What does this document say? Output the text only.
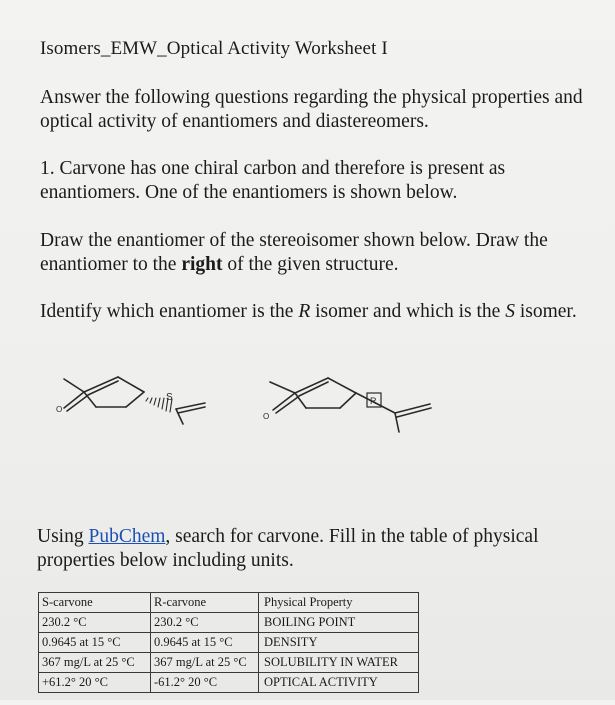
Isomers_EMW_Optical Activity Worksheet I
Answer the following questions regarding the physical properties and optical activity of enantiomers and diastereomers.
1. Carvone has one chiral carbon and therefore is present as enantiomers. One of the enantiomers is shown below.
Draw the enantiomer of the stereoisomer shown below. Draw the enantiomer to the right of the given structure.
Identify which enantiomer is the R isomer and which is the S isomer.
S
O
R
O
Using PubChem, search for carvone. Fill in the table of physical properties below including units.
S-carvone	R-carvone	Physical Property
230.2 °C	230.2 °C	BOILING POINT
0.9645 at 15 °C	0.9645 at 15 °C	DENSITY
367 mg/L at 25 °C	367 mg/L at 25 °C	SOLUBILITY IN WATER
+61.2° 20 °C	-61.2° 20 °C	OPTICAL ACTIVITY
